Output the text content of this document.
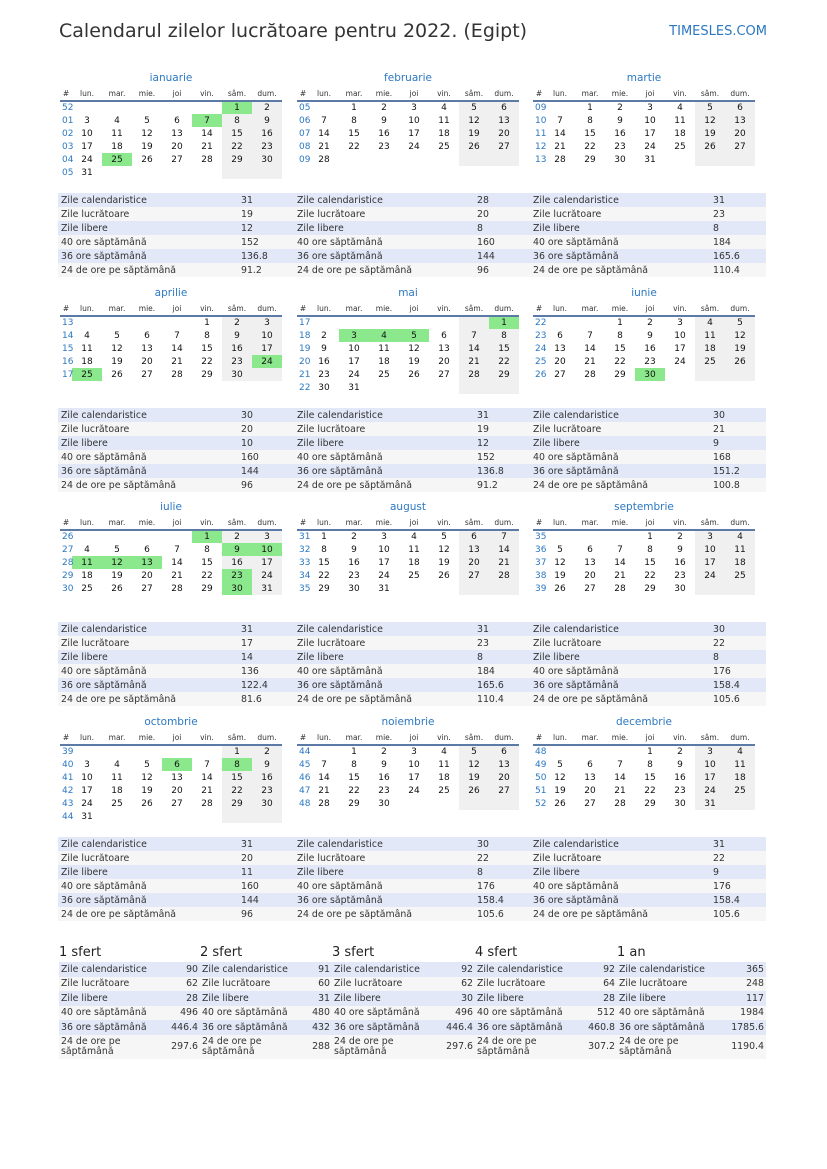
Calendarul zilelor lucrătoare pentru 2022. (Egipt)	TIMESLES.COM
ianuarie
#	lun.	mar.	mie.	joi	vin.	sâm.	dum.
52						1	2
01	3	4	5	6	7	8	9
02	10	11	12	13	14	15	16
03	17	18	19	20	21	22	23
04	24	25	26	27	28	29	30
05	31						
Zile calendaristice	31
Zile lucrătoare	19
Zile libere	12
40 ore săptămână	152
36 ore săptămână	136.8
24 de ore pe săptămână	91.2
februarie
#	lun.	mar.	mie.	joi	vin.	sâm.	dum.
05		1	2	3	4	5	6
06	7	8	9	10	11	12	13
07	14	15	16	17	18	19	20
08	21	22	23	24	25	26	27
09	28						
Zile calendaristice	28
Zile lucrătoare	20
Zile libere	8
40 ore săptămână	160
36 ore săptămână	144
24 de ore pe săptămână	96
martie
#	lun.	mar.	mie.	joi	vin.	sâm.	dum.
09		1	2	3	4	5	6
10	7	8	9	10	11	12	13
11	14	15	16	17	18	19	20
12	21	22	23	24	25	26	27
13	28	29	30	31			
Zile calendaristice	31
Zile lucrătoare	23
Zile libere	8
40 ore săptămână	184
36 ore săptămână	165.6
24 de ore pe săptămână	110.4
aprilie
#	lun.	mar.	mie.	joi	vin.	sâm.	dum.
13					1	2	3
14	4	5	6	7	8	9	10
15	11	12	13	14	15	16	17
16	18	19	20	21	22	23	24
17	25	26	27	28	29	30	
Zile calendaristice	30
Zile lucrătoare	20
Zile libere	10
40 ore săptămână	160
36 ore săptămână	144
24 de ore pe săptămână	96
mai
#	lun.	mar.	mie.	joi	vin.	sâm.	dum.
17							1
18	2	3	4	5	6	7	8
19	9	10	11	12	13	14	15
20	16	17	18	19	20	21	22
21	23	24	25	26	27	28	29
22	30	31					
Zile calendaristice	31
Zile lucrătoare	19
Zile libere	12
40 ore săptămână	152
36 ore săptămână	136.8
24 de ore pe săptămână	91.2
iunie
#	lun.	mar.	mie.	joi	vin.	sâm.	dum.
22			1	2	3	4	5
23	6	7	8	9	10	11	12
24	13	14	15	16	17	18	19
25	20	21	22	23	24	25	26
26	27	28	29	30			
Zile calendaristice	30
Zile lucrătoare	21
Zile libere	9
40 ore săptămână	168
36 ore săptămână	151.2
24 de ore pe săptămână	100.8
iulie
#	lun.	mar.	mie.	joi	vin.	sâm.	dum.
26					1	2	3
27	4	5	6	7	8	9	10
28	11	12	13	14	15	16	17
29	18	19	20	21	22	23	24
30	25	26	27	28	29	30	31
Zile calendaristice	31
Zile lucrătoare	17
Zile libere	14
40 ore săptămână	136
36 ore săptămână	122.4
24 de ore pe săptămână	81.6
august
#	lun.	mar.	mie.	joi	vin.	sâm.	dum.
31	1	2	3	4	5	6	7
32	8	9	10	11	12	13	14
33	15	16	17	18	19	20	21
34	22	23	24	25	26	27	28
35	29	30	31				
Zile calendaristice	31
Zile lucrătoare	23
Zile libere	8
40 ore săptămână	184
36 ore săptămână	165.6
24 de ore pe săptămână	110.4
septembrie
#	lun.	mar.	mie.	joi	vin.	sâm.	dum.
35				1	2	3	4
36	5	6	7	8	9	10	11
37	12	13	14	15	16	17	18
38	19	20	21	22	23	24	25
39	26	27	28	29	30		
Zile calendaristice	30
Zile lucrătoare	22
Zile libere	8
40 ore săptămână	176
36 ore săptămână	158.4
24 de ore pe săptămână	105.6
octombrie
#	lun.	mar.	mie.	joi	vin.	sâm.	dum.
39						1	2
40	3	4	5	6	7	8	9
41	10	11	12	13	14	15	16
42	17	18	19	20	21	22	23
43	24	25	26	27	28	29	30
44	31						
Zile calendaristice	31
Zile lucrătoare	20
Zile libere	11
40 ore săptămână	160
36 ore săptămână	144
24 de ore pe săptămână	96
noiembrie
#	lun.	mar.	mie.	joi	vin.	sâm.	dum.
44		1	2	3	4	5	6
45	7	8	9	10	11	12	13
46	14	15	16	17	18	19	20
47	21	22	23	24	25	26	27
48	28	29	30				
Zile calendaristice	30
Zile lucrătoare	22
Zile libere	8
40 ore săptămână	176
36 ore săptămână	158.4
24 de ore pe săptămână	105.6
decembrie
#	lun.	mar.	mie.	joi	vin.	sâm.	dum.
48				1	2	3	4
49	5	6	7	8	9	10	11
50	12	13	14	15	16	17	18
51	19	20	21	22	23	24	25
52	26	27	28	29	30	31	
Zile calendaristice	31
Zile lucrătoare	22
Zile libere	9
40 ore săptămână	176
36 ore săptămână	158.4
24 de ore pe săptămână	105.6
1 sfert
Zile calendaristice	90
Zile lucrătoare	62
Zile libere	28
40 ore săptămână	496
36 ore săptămână	446.4
24 de ore pe săptămână	297.6
2 sfert
Zile calendaristice	91
Zile lucrătoare	60
Zile libere	31
40 ore săptămână	480
36 ore săptămână	432
24 de ore pe săptămână	288
3 sfert
Zile calendaristice	92
Zile lucrătoare	62
Zile libere	30
40 ore săptămână	496
36 ore săptămână	446.4
24 de ore pe săptămână	297.6
4 sfert
Zile calendaristice	92
Zile lucrătoare	64
Zile libere	28
40 ore săptămână	512
36 ore săptămână	460.8
24 de ore pe săptămână	307.2
1 an
Zile calendaristice	365
Zile lucrătoare	248
Zile libere	117
40 ore săptămână	1984
36 ore săptămână	1785.6
24 de ore pe săptămână	1190.4
